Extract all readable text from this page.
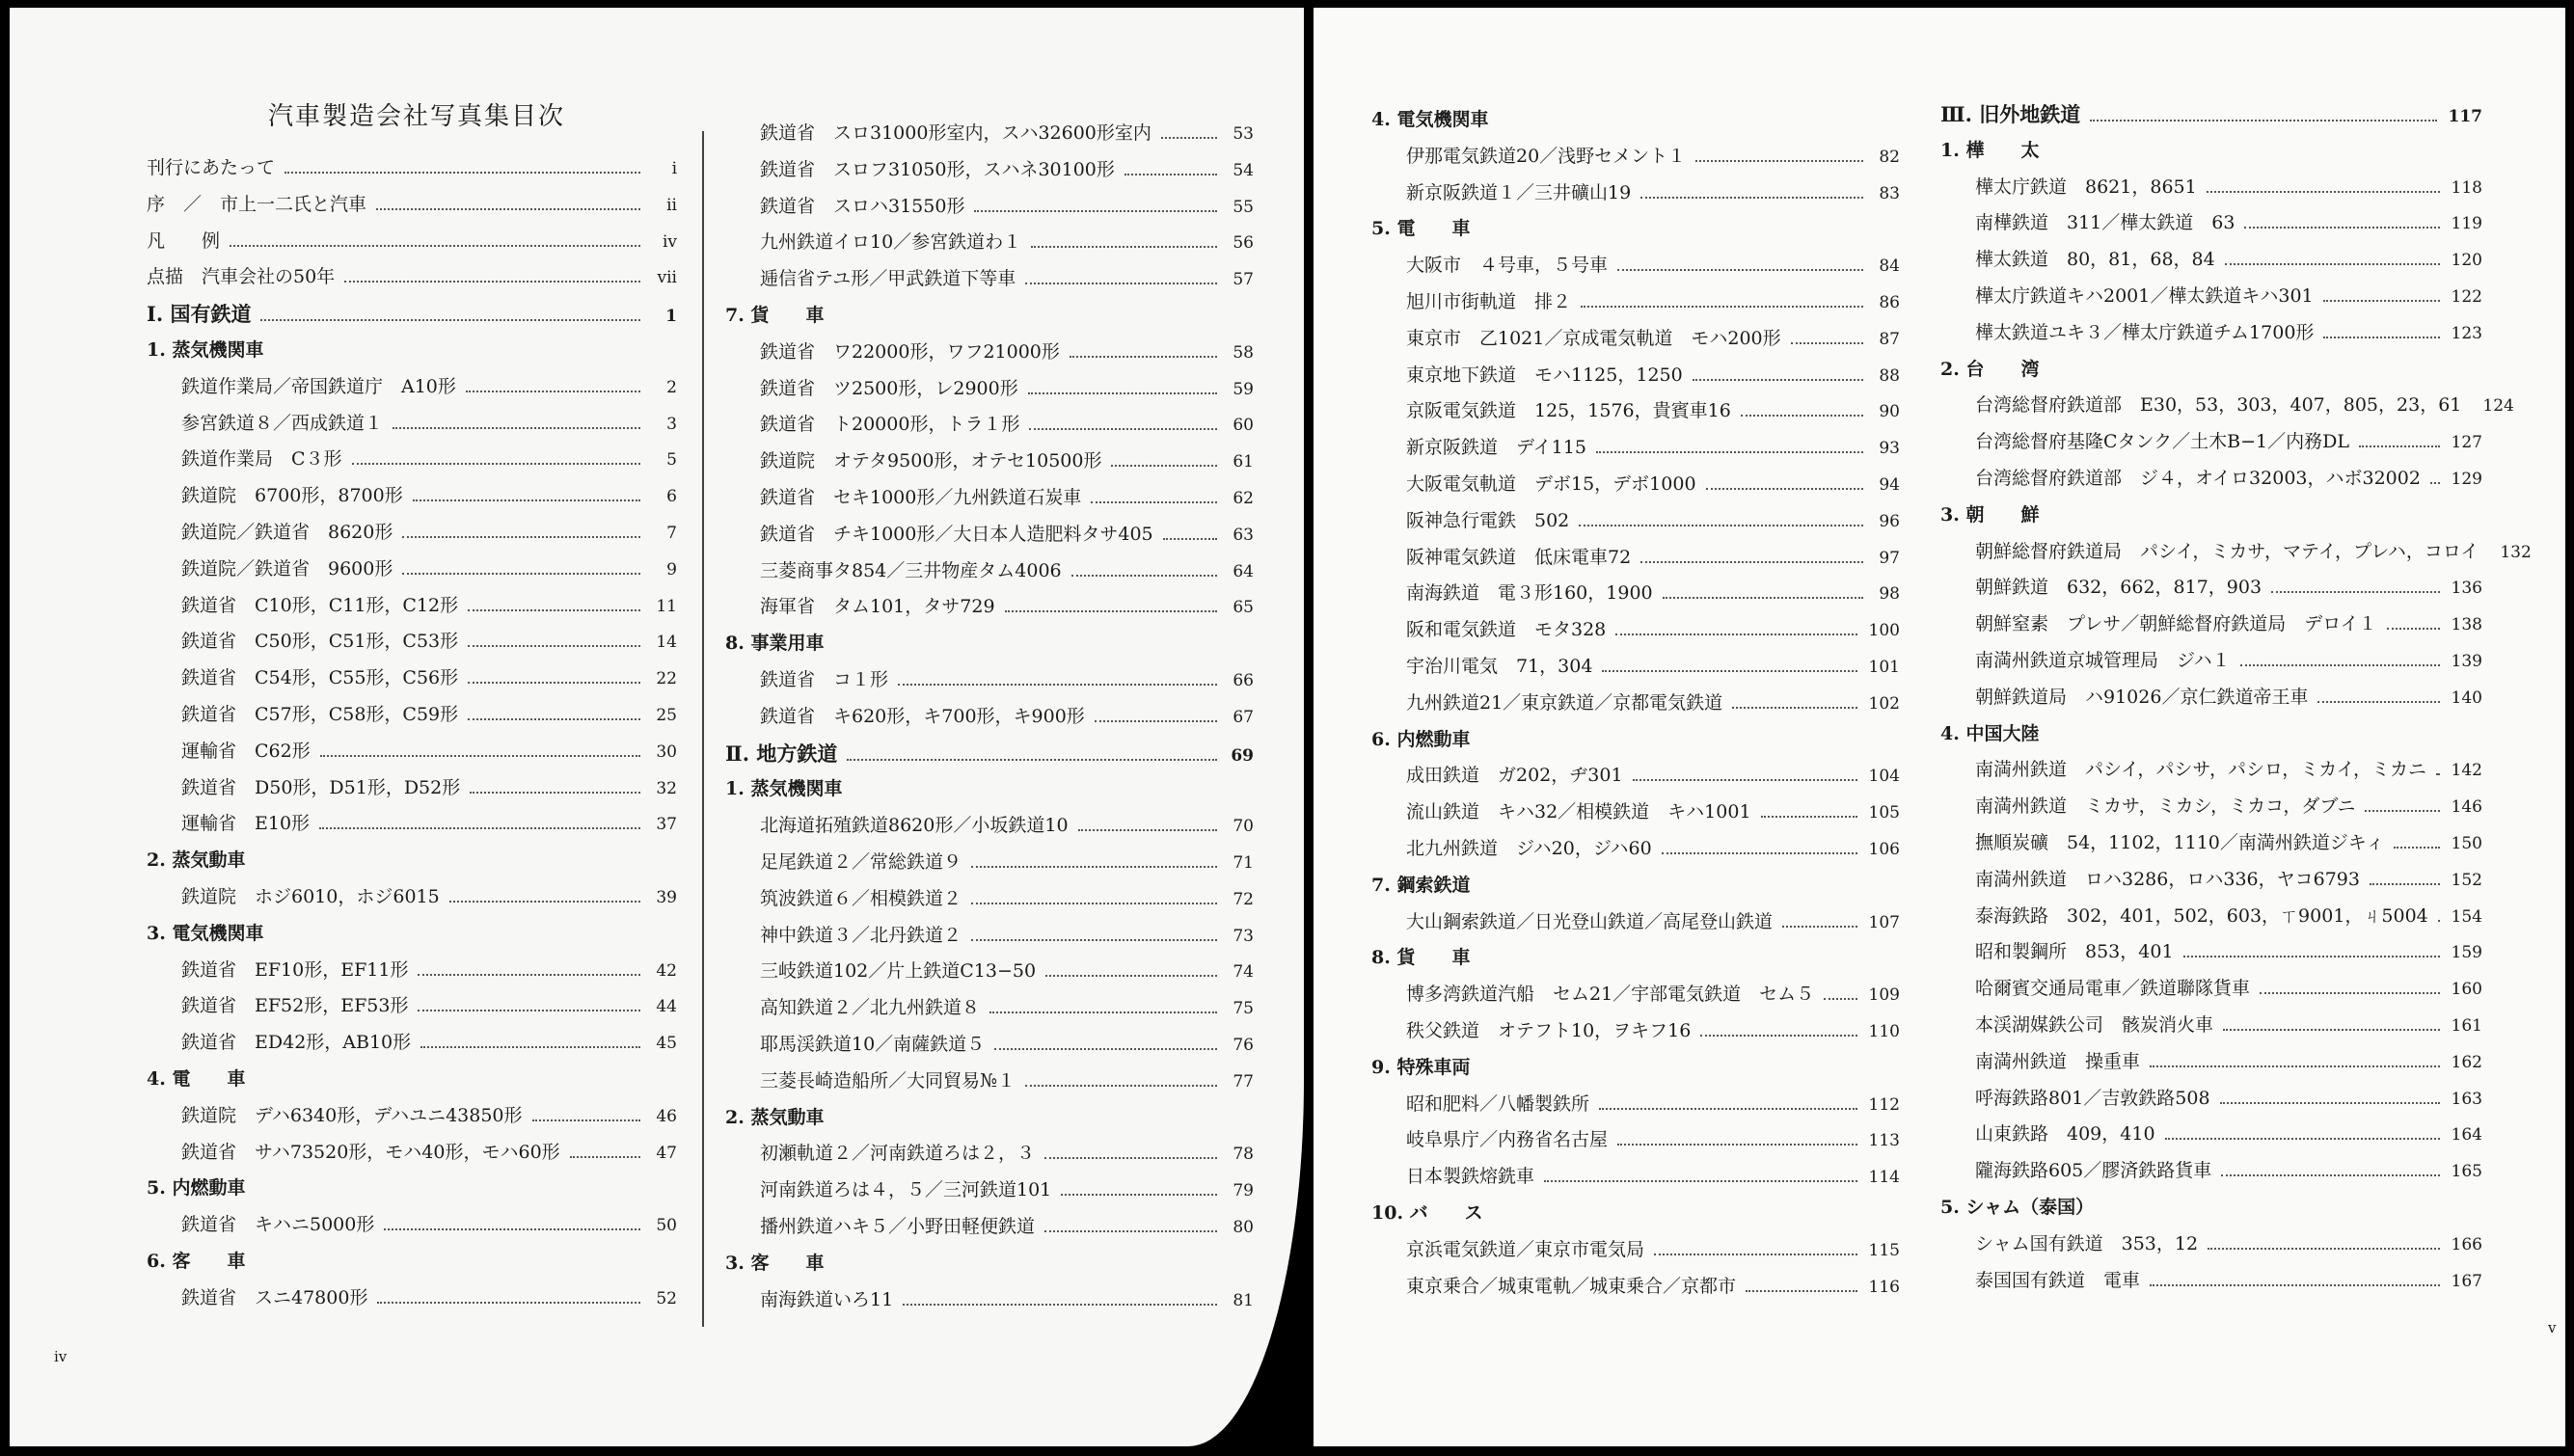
汽車製造会社写真集目次
刊行にあたって	i
序　／　市上一二氏と汽車	ii
凡　　例	iv
点描　汽車会社の50年	vii
Ⅰ. 国有鉄道	1
1. 蒸気機関車
鉄道作業局／帝国鉄道庁　A10形	2
参宮鉄道８／西成鉄道１	3
鉄道作業局　C３形	5
鉄道院　6700形，8700形	6
鉄道院／鉄道省　8620形	7
鉄道院／鉄道省　9600形	9
鉄道省　C10形，C11形，C12形	11
鉄道省　C50形，C51形，C53形	14
鉄道省　C54形，C55形，C56形	22
鉄道省　C57形，C58形，C59形	25
運輸省　C62形	30
鉄道省　D50形，D51形，D52形	32
運輸省　E10形	37
2. 蒸気動車
鉄道院　ホジ6010，ホジ6015	39
3. 電気機関車
鉄道省　EF10形，EF11形	42
鉄道省　EF52形，EF53形	44
鉄道省　ED42形，AB10形	45
4. 電　　車
鉄道院　デハ6340形，デハユニ43850形	46
鉄道省　サハ73520形，モハ40形，モハ60形	47
5. 内燃動車
鉄道省　キハニ5000形	50
6. 客　　車
鉄道省　スニ47800形	52
鉄道省　スロ31000形室内，スハ32600形室内	53
鉄道省　スロフ31050形，スハネ30100形	54
鉄道省　スロハ31550形	55
九州鉄道イロ10／参宮鉄道わ１	56
逓信省テユ形／甲武鉄道下等車	57
7. 貨　　車
鉄道省　ワ22000形，ワフ21000形	58
鉄道省　ツ2500形，レ2900形	59
鉄道省　ト20000形，トラ１形	60
鉄道院　オテタ9500形，オテセ10500形	61
鉄道省　セキ1000形／九州鉄道石炭車	62
鉄道省　チキ1000形／大日本人造肥料タサ405	63
三菱商事タ854／三井物産タム4006	64
海軍省　タム101，タサ729	65
8. 事業用車
鉄道省　コ１形	66
鉄道省　キ620形，キ700形，キ900形	67
Ⅱ. 地方鉄道	69
1. 蒸気機関車
北海道拓殖鉄道8620形／小坂鉄道10	70
足尾鉄道２／常総鉄道９	71
筑波鉄道６／相模鉄道２	72
神中鉄道３／北丹鉄道２	73
三岐鉄道102／片上鉄道C13−50	74
高知鉄道２／北九州鉄道８	75
耶馬渓鉄道10／南薩鉄道５	76
三菱長崎造船所／大同貿易№１	77
2. 蒸気動車
初瀬軌道２／河南鉄道ろは２，３	78
河南鉄道ろは４，５／三河鉄道101	79
播州鉄道ハキ５／小野田軽便鉄道	80
3. 客　　車
南海鉄道いろ11	81
iv
4. 電気機関車
伊那電気鉄道20／浅野セメント１	82
新京阪鉄道１／三井礦山19	83
5. 電　　車
大阪市　４号車，５号車	84
旭川市街軌道　排２	86
東京市　乙1021／京成電気軌道　モハ200形	87
東京地下鉄道　モハ1125，1250	88
京阪電気鉄道　125，1576，貴賓車16	90
新京阪鉄道　デイ115	93
大阪電気軌道　デボ15，デボ1000	94
阪神急行電鉄　502	96
阪神電気鉄道　低床電車72	97
南海鉄道　電３形160，1900	98
阪和電気鉄道　モタ328	100
宇治川電気　71，304	101
九州鉄道21／東京鉄道／京都電気鉄道	102
6. 内燃動車
成田鉄道　ガ202，ヂ301	104
流山鉄道　キハ32／相模鉄道　キハ1001	105
北九州鉄道　ジハ20，ジハ60	106
7. 鋼索鉄道
大山鋼索鉄道／日光登山鉄道／高尾登山鉄道	107
8. 貨　　車
博多湾鉄道汽船　セム21／宇部電気鉄道　セム５	109
秩父鉄道　オテフト10，ヲキフ16	110
9. 特殊車両
昭和肥料／八幡製鉄所	112
岐阜県庁／内務省名古屋	113
日本製鉄熔銑車	114
10. バ　　ス
京浜電気鉄道／東京市電気局	115
東京乗合／城東電軌／城東乗合／京都市	116
Ⅲ. 旧外地鉄道	117
1. 樺　　太
樺太庁鉄道　8621，8651	118
南樺鉄道　311／樺太鉄道　63	119
樺太鉄道　80，81，68，84	120
樺太庁鉄道キハ2001／樺太鉄道キハ301	122
樺太鉄道ユキ３／樺太庁鉄道チム1700形	123
2. 台　　湾
台湾総督府鉄道部　E30，53，303，407，805，23，61 124
台湾総督府基隆Cタンク／土木B−1／内務DL	127
台湾総督府鉄道部　ジ４，オイロ32003，ハボ32002 129
3. 朝　　鮮
朝鮮総督府鉄道局　パシイ，ミカサ，マテイ，プレハ，コロイ 132
朝鮮鉄道　632，662，817，903	136
朝鮮窒素　プレサ／朝鮮総督府鉄道局　デロイ１	138
南満州鉄道京城管理局　ジハ１	139
朝鮮鉄道局　ハ91026／京仁鉄道帝王車	140
4. 中国大陸
南満州鉄道　パシイ，パシサ，パシロ，ミカイ，ミカニ 142
南満州鉄道　ミカサ，ミカシ，ミカコ，ダブニ	146
撫順炭礦　54，1102，1110／南満州鉄道ジキィ	150
南満州鉄道　ロハ3286，ロハ336，ヤコ6793	152
泰海鉄路　302，401，502，603，ㄒ9001，ㄐ5004 154
昭和製鋼所　853，401	159
哈爾賓交通局電車／鉄道聯隊貨車	160
本渓湖媒鉄公司　骸炭消火車	161
南満州鉄道　操重車	162
呼海鉄路801／吉敦鉄路508	163
山東鉄路　409，410	164
隴海鉄路605／膠済鉄路貨車	165
5. シャム（泰国）
シャム国有鉄道　353，12	166
泰国国有鉄道　電車	167
v
